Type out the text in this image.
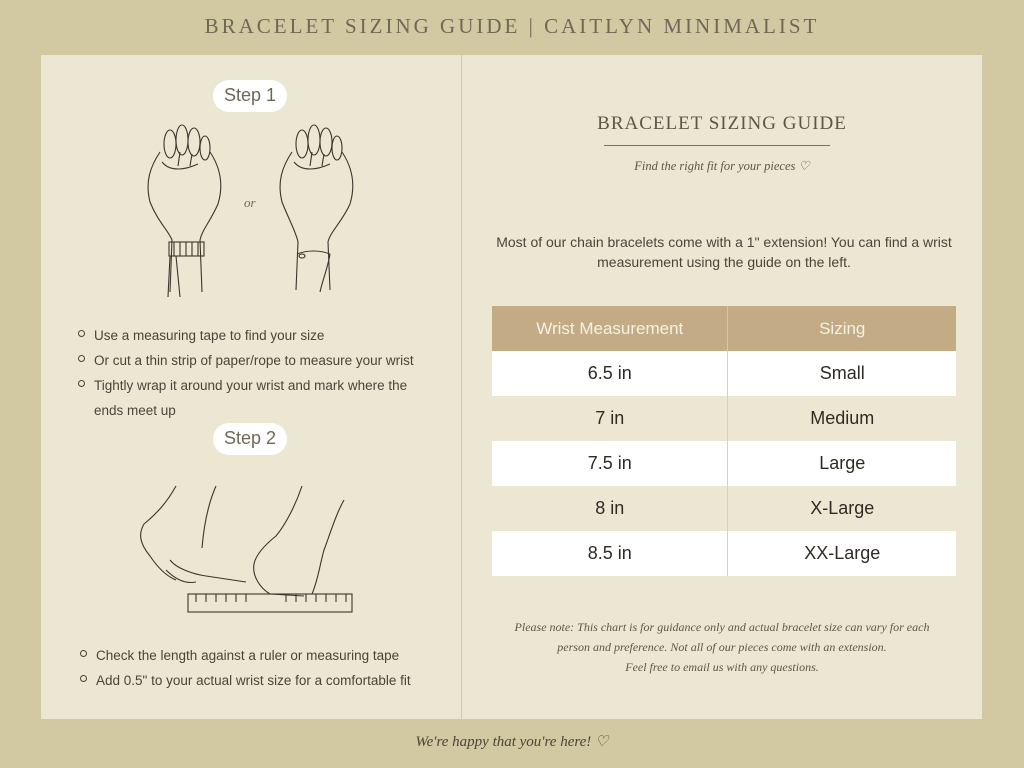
BRACELET SIZING GUIDE | CAITLYN MINIMALIST
Step 1
or
Use a measuring tape to find your size
Or cut a thin strip of paper/rope to measure your wrist
Tightly wrap it around your wrist and mark where the ends meet up
Step 2
Check the length against a ruler or measuring tape
Add 0.5" to your actual wrist size for a comfortable fit
BRACELET SIZING GUIDE
Find the right fit for your pieces ♡
Most of our chain bracelets come with a 1" extension! You can find a wrist measurement using the guide on the left.
Wrist Measurement	Sizing
6.5 in	Small
7 in	Medium
7.5 in	Large
8 in	X-Large
8.5 in	XX-Large
Please note: This chart is for guidance only and actual bracelet size can vary for each
person and preference. Not all of our pieces come with an extension.
Feel free to email us with any questions.
We're happy that you're here! ♡
